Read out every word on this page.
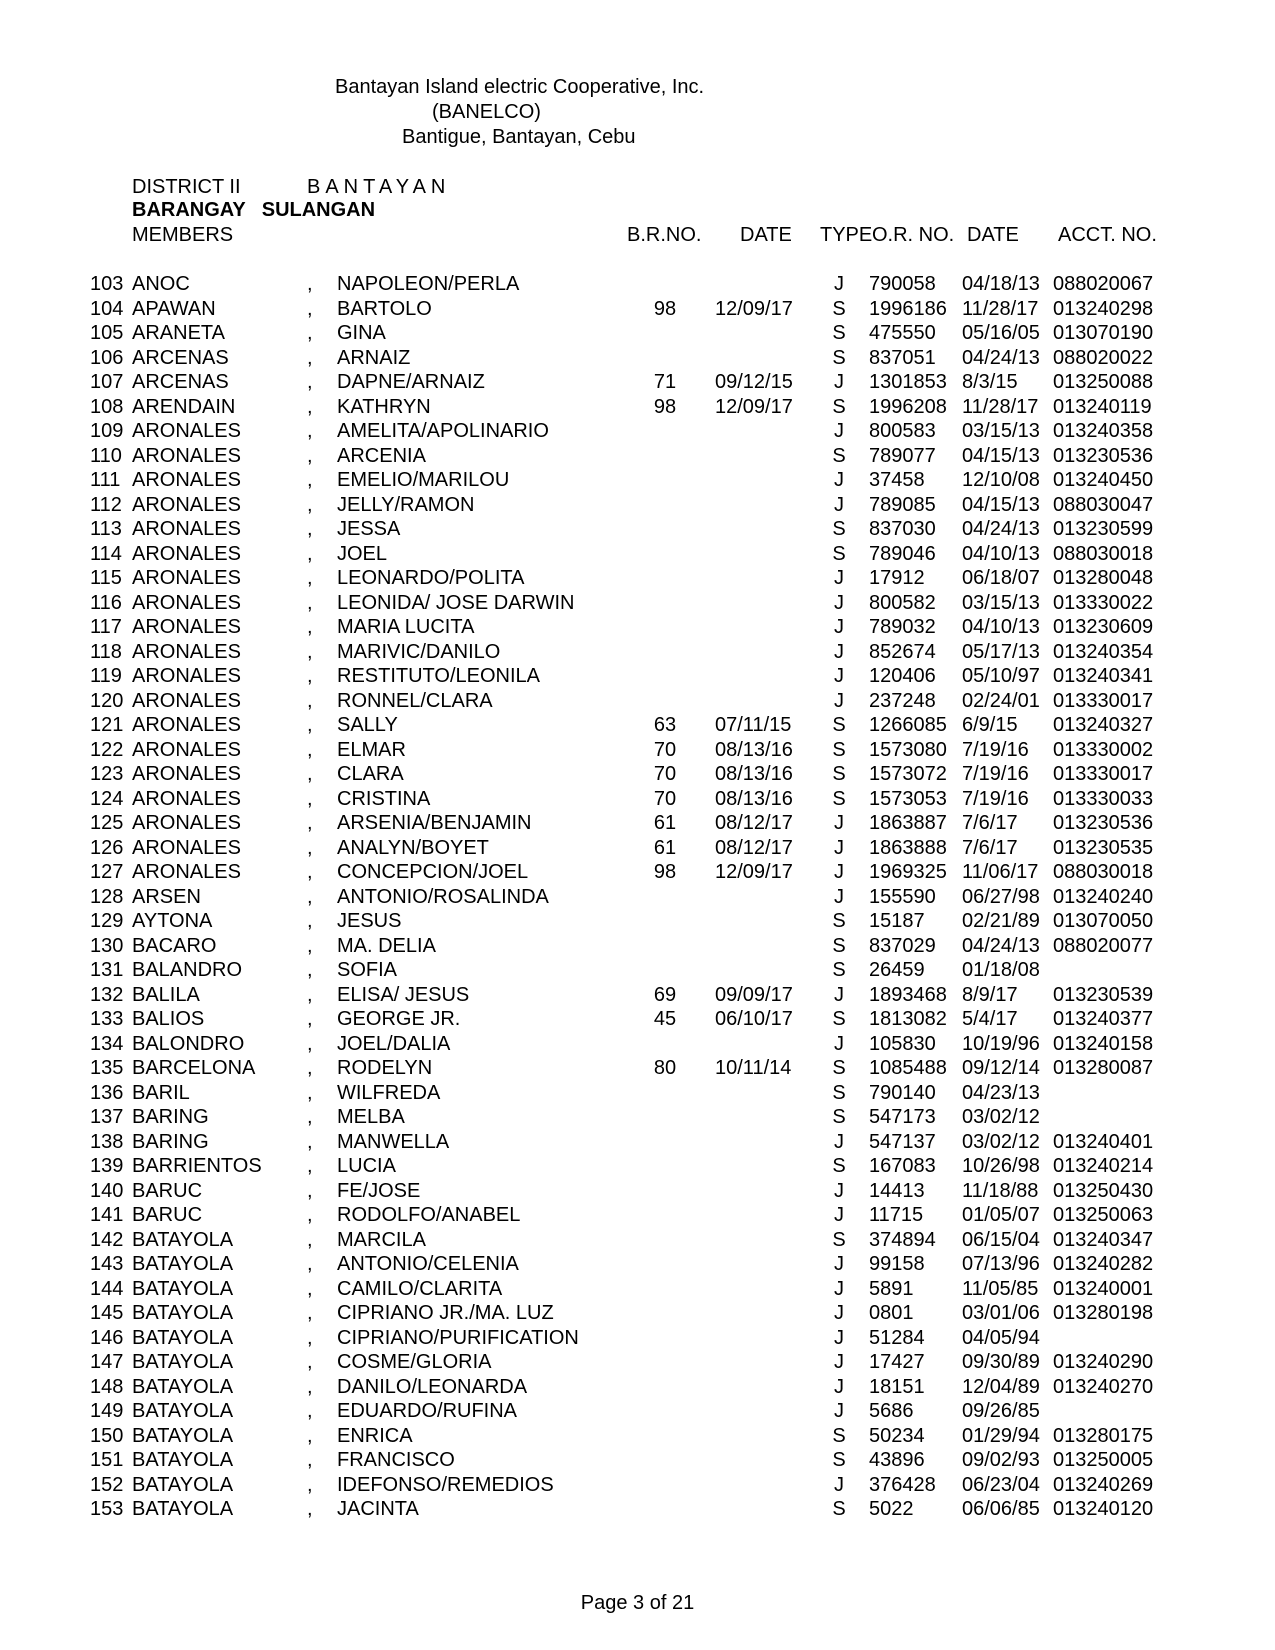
Bantayan Island electric Cooperative, Inc.
(BANELCO)
Bantigue, Bantayan, Cebu
DISTRICT II	BANTAYAN
BARANGAY SULANGAN
MEMBERS	B.R.NO. DATE TYPE O.R. NO. DATE ACCT. NO.
103 ANOC	, NAPOLEON/PERLA	J	790058 04/18/13 088020067
104 APAWAN	, BARTOLO	98 12/09/17 S 1996186 11/28/17 013240298
105 ARANETA	, GINA	S 475550 05/16/05 013070190
106 ARCENAS	, ARNAIZ	S 837051 04/24/13 088020022
107 ARCENAS	, DAPNE/ARNAIZ	71 09/12/15	J	1301853 8/3/15 013250088
108 ARENDAIN	, KATHRYN	98 12/09/17 S 1996208 11/28/17 013240119
109 ARONALES	, AMELITA/APOLINARIO	J	800583 03/15/13 013240358
110 ARONALES	, ARCENIA	S 789077 04/15/13 013230536
111 ARONALES	, EMELIO/MARILOU	J	37458 12/10/08 013240450
112 ARONALES	, JELLY/RAMON	J	789085 04/15/13 088030047
113 ARONALES	, JESSA	S 837030 04/24/13 013230599
114 ARONALES	, JOEL	S 789046 04/10/13 088030018
115 ARONALES	, LEONARDO/POLITA	J	17912 06/18/07 013280048
116 ARONALES	, LEONIDA/ JOSE DARWIN	J	800582 03/15/13 013330022
117 ARONALES	, MARIA LUCITA	J	789032 04/10/13 013230609
118 ARONALES	, MARIVIC/DANILO	J	852674 05/17/13 013240354
119 ARONALES	, RESTITUTO/LEONILA	J	120406 05/10/97 013240341
120 ARONALES	, RONNEL/CLARA	J	237248 02/24/01 013330017
121 ARONALES	, SALLY	63 07/11/15 S 1266085 6/9/15 013240327
122 ARONALES	, ELMAR	70 08/13/16 S 1573080 7/19/16 013330002
123 ARONALES	, CLARA	70 08/13/16 S 1573072 7/19/16 013330017
124 ARONALES	, CRISTINA	70 08/13/16 S 1573053 7/19/16 013330033
125 ARONALES	, ARSENIA/BENJAMIN	61 08/12/17	J	1863887 7/6/17 013230536
126 ARONALES	, ANALYN/BOYET	61 08/12/17	J	1863888 7/6/17 013230535
127 ARONALES	, CONCEPCION/JOEL	98 12/09/17	J	1969325 11/06/17 088030018
128 ARSEN	, ANTONIO/ROSALINDA	J	155590 06/27/98 013240240
129 AYTONA	, JESUS	S 15187 02/21/89 013070050
130 BACARO	, MA. DELIA	S 837029 04/24/13 088020077
131 BALANDRO	, SOFIA	S 26459 01/18/08
132 BALILA	, ELISA/ JESUS	69 09/09/17	J	1893468 8/9/17 013230539
133 BALIOS	, GEORGE JR.	45 06/10/17 S 1813082 5/4/17 013240377
134 BALONDRO	, JOEL/DALIA	J	105830 10/19/96 013240158
135 BARCELONA	, RODELYN	80 10/11/14 S 1085488 09/12/14 013280087
136 BARIL	, WILFREDA	S 790140 04/23/13
137 BARING	, MELBA	S 547173 03/02/12
138 BARING	, MANWELLA	J	547137 03/02/12 013240401
139 BARRIENTOS , LUCIA	S 167083 10/26/98 013240214
140 BARUC	, FE/JOSE	J	14413 11/18/88 013250430
141 BARUC	, RODOLFO/ANABEL	J	11715 01/05/07 013250063
142 BATAYOLA	, MARCILA	S 374894 06/15/04 013240347
143 BATAYOLA	, ANTONIO/CELENIA	J	99158 07/13/96 013240282
144 BATAYOLA	, CAMILO/CLARITA	J	5891 11/05/85 013240001
145 BATAYOLA	, CIPRIANO JR./MA. LUZ	J	0801 03/01/06 013280198
146 BATAYOLA	, CIPRIANO/PURIFICATION	J	51284 04/05/94
147 BATAYOLA	, COSME/GLORIA	J	17427 09/30/89 013240290
148 BATAYOLA	, DANILO/LEONARDA	J	18151 12/04/89 013240270
149 BATAYOLA	, EDUARDO/RUFINA	J	5686 09/26/85
150 BATAYOLA	, ENRICA	S 50234 01/29/94 013280175
151 BATAYOLA	, FRANCISCO	S 43896 09/02/93 013250005
152 BATAYOLA	, IDEFONSO/REMEDIOS	J	376428 06/23/04 013240269
153 BATAYOLA	, JACINTA	S 5022 06/06/85 013240120
Page 3 of 21
